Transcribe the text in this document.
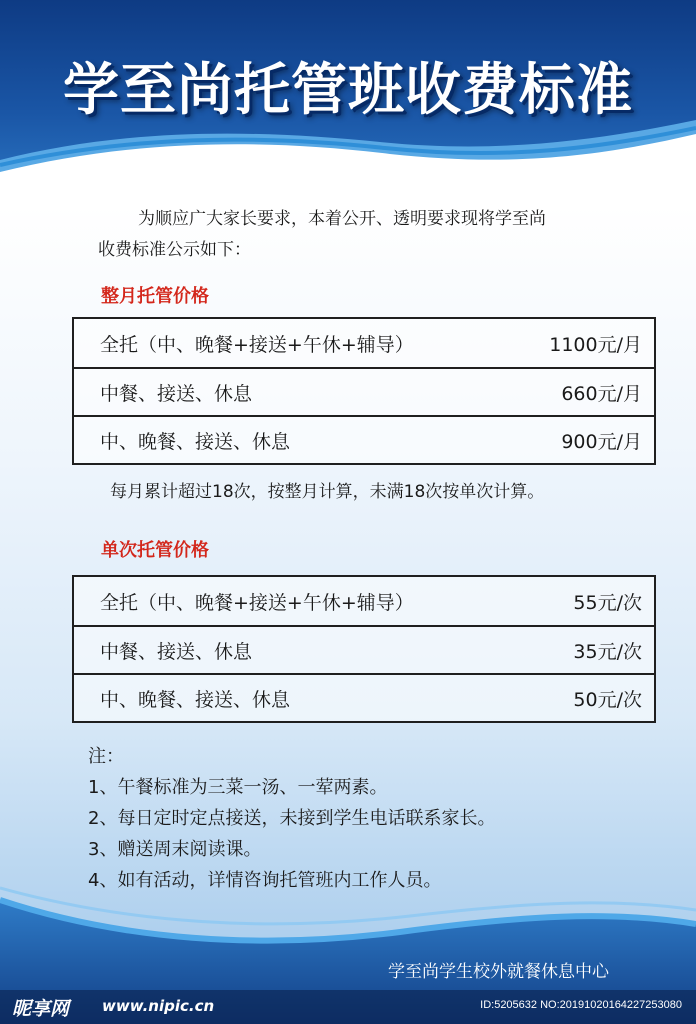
学至尚托管班收费标准
为顺应广大家长要求，本着公开、透明要求现将学至尚
收费标准公示如下：
整月托管价格
全托（中、晚餐+接送+午休+辅导）	1100元/月
中餐、接送、休息	660元/月
中、晚餐、接送、休息	900元/月
每月累计超过18次，按整月计算，未满18次按单次计算。
单次托管价格
全托（中、晚餐+接送+午休+辅导）	55元/次
中餐、接送、休息	35元/次
中、晚餐、接送、休息	50元/次
注：
1、午餐标准为三菜一汤、一荤两素。
2、每日定时定点接送，未接到学生电话联系家长。
3、赠送周末阅读课。
4、如有活动，详情咨询托管班内工作人员。
学至尚学生校外就餐休息中心
昵享网 www.nipic.cn	ID:5205632 NO:20191020164227253080
